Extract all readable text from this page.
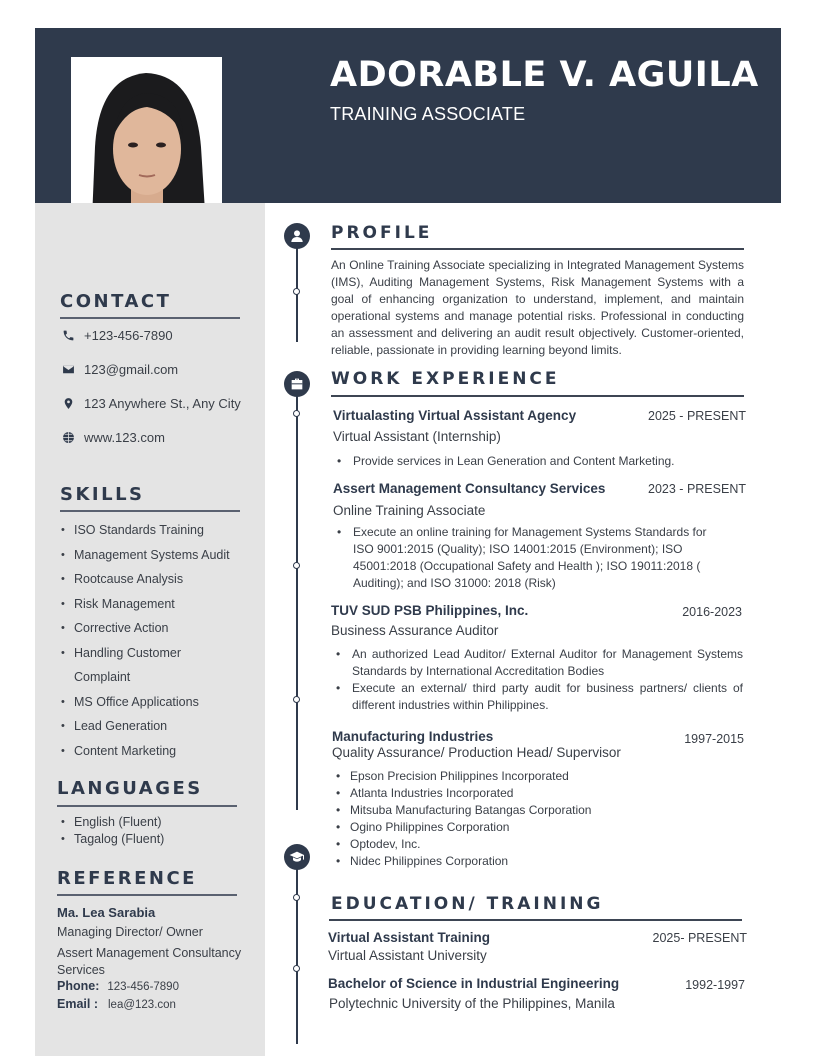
ADORABLE V. AGUILA
TRAINING ASSOCIATE
CONTACT
+123-456-7890
123@gmail.com
123 Anywhere St., Any City
www.123.com
SKILLS
• ISO Standards Training
• Management Systems Audit
• Rootcause Analysis
• Risk Management
• Corrective Action
• Handling Customer Complaint
• MS Office Applications
• Lead Generation
• Content Marketing
LANGUAGES
• English (Fluent)
• Tagalog (Fluent)
REFERENCE
Ma. Lea Sarabia
Managing Director/ Owner
Assert Management Consultancy Services
Phone: 123-456-7890
Email : lea@123.con
PROFILE
An Online Training Associate specializing in Integrated Management Systems (IMS), Auditing Management Systems, Risk Management Systems with a goal of enhancing organization to understand, implement, and maintain operational systems and manage potential risks. Professional in conducting an assessment and delivering an audit result objectively. Customer-oriented, reliable, passionate in providing learning beyond limits.
WORK EXPERIENCE
Virtualasting Virtual Assistant Agency	2025 - PRESENT
Virtual Assistant (Internship)
• Provide services in Lean Generation and Content Marketing.
Assert Management Consultancy Services	2023 - PRESENT
Online Training Associate
• Execute an online training for Management Systems Standards for ISO 9001:2015 (Quality); ISO 14001:2015 (Environment); ISO 45001:2018 (Occupational Safety and Health ); ISO 19011:2018 ( Auditing); and ISO 31000: 2018 (Risk)
TUV SUD PSB Philippines, Inc.	2016-2023
Business Assurance Auditor
• An authorized Lead Auditor/ External Auditor for Management Systems Standards by International Accreditation Bodies
• Execute an external/ third party audit for business partners/ clients of different industries within Philippines.
Manufacturing Industries	1997-2015
Quality Assurance/ Production Head/ Supervisor
• Epson Precision Philippines Incorporated
• Atlanta Industries Incorporated
• Mitsuba Manufacturing Batangas Corporation
• Ogino Philippines Corporation
• Optodev, Inc.
• Nidec Philippines Corporation
EDUCATION/ TRAINING
Virtual Assistant Training	2025- PRESENT
Virtual Assistant University
Bachelor of Science in Industrial Engineering	1992-1997
Polytechnic University of the Philippines, Manila
